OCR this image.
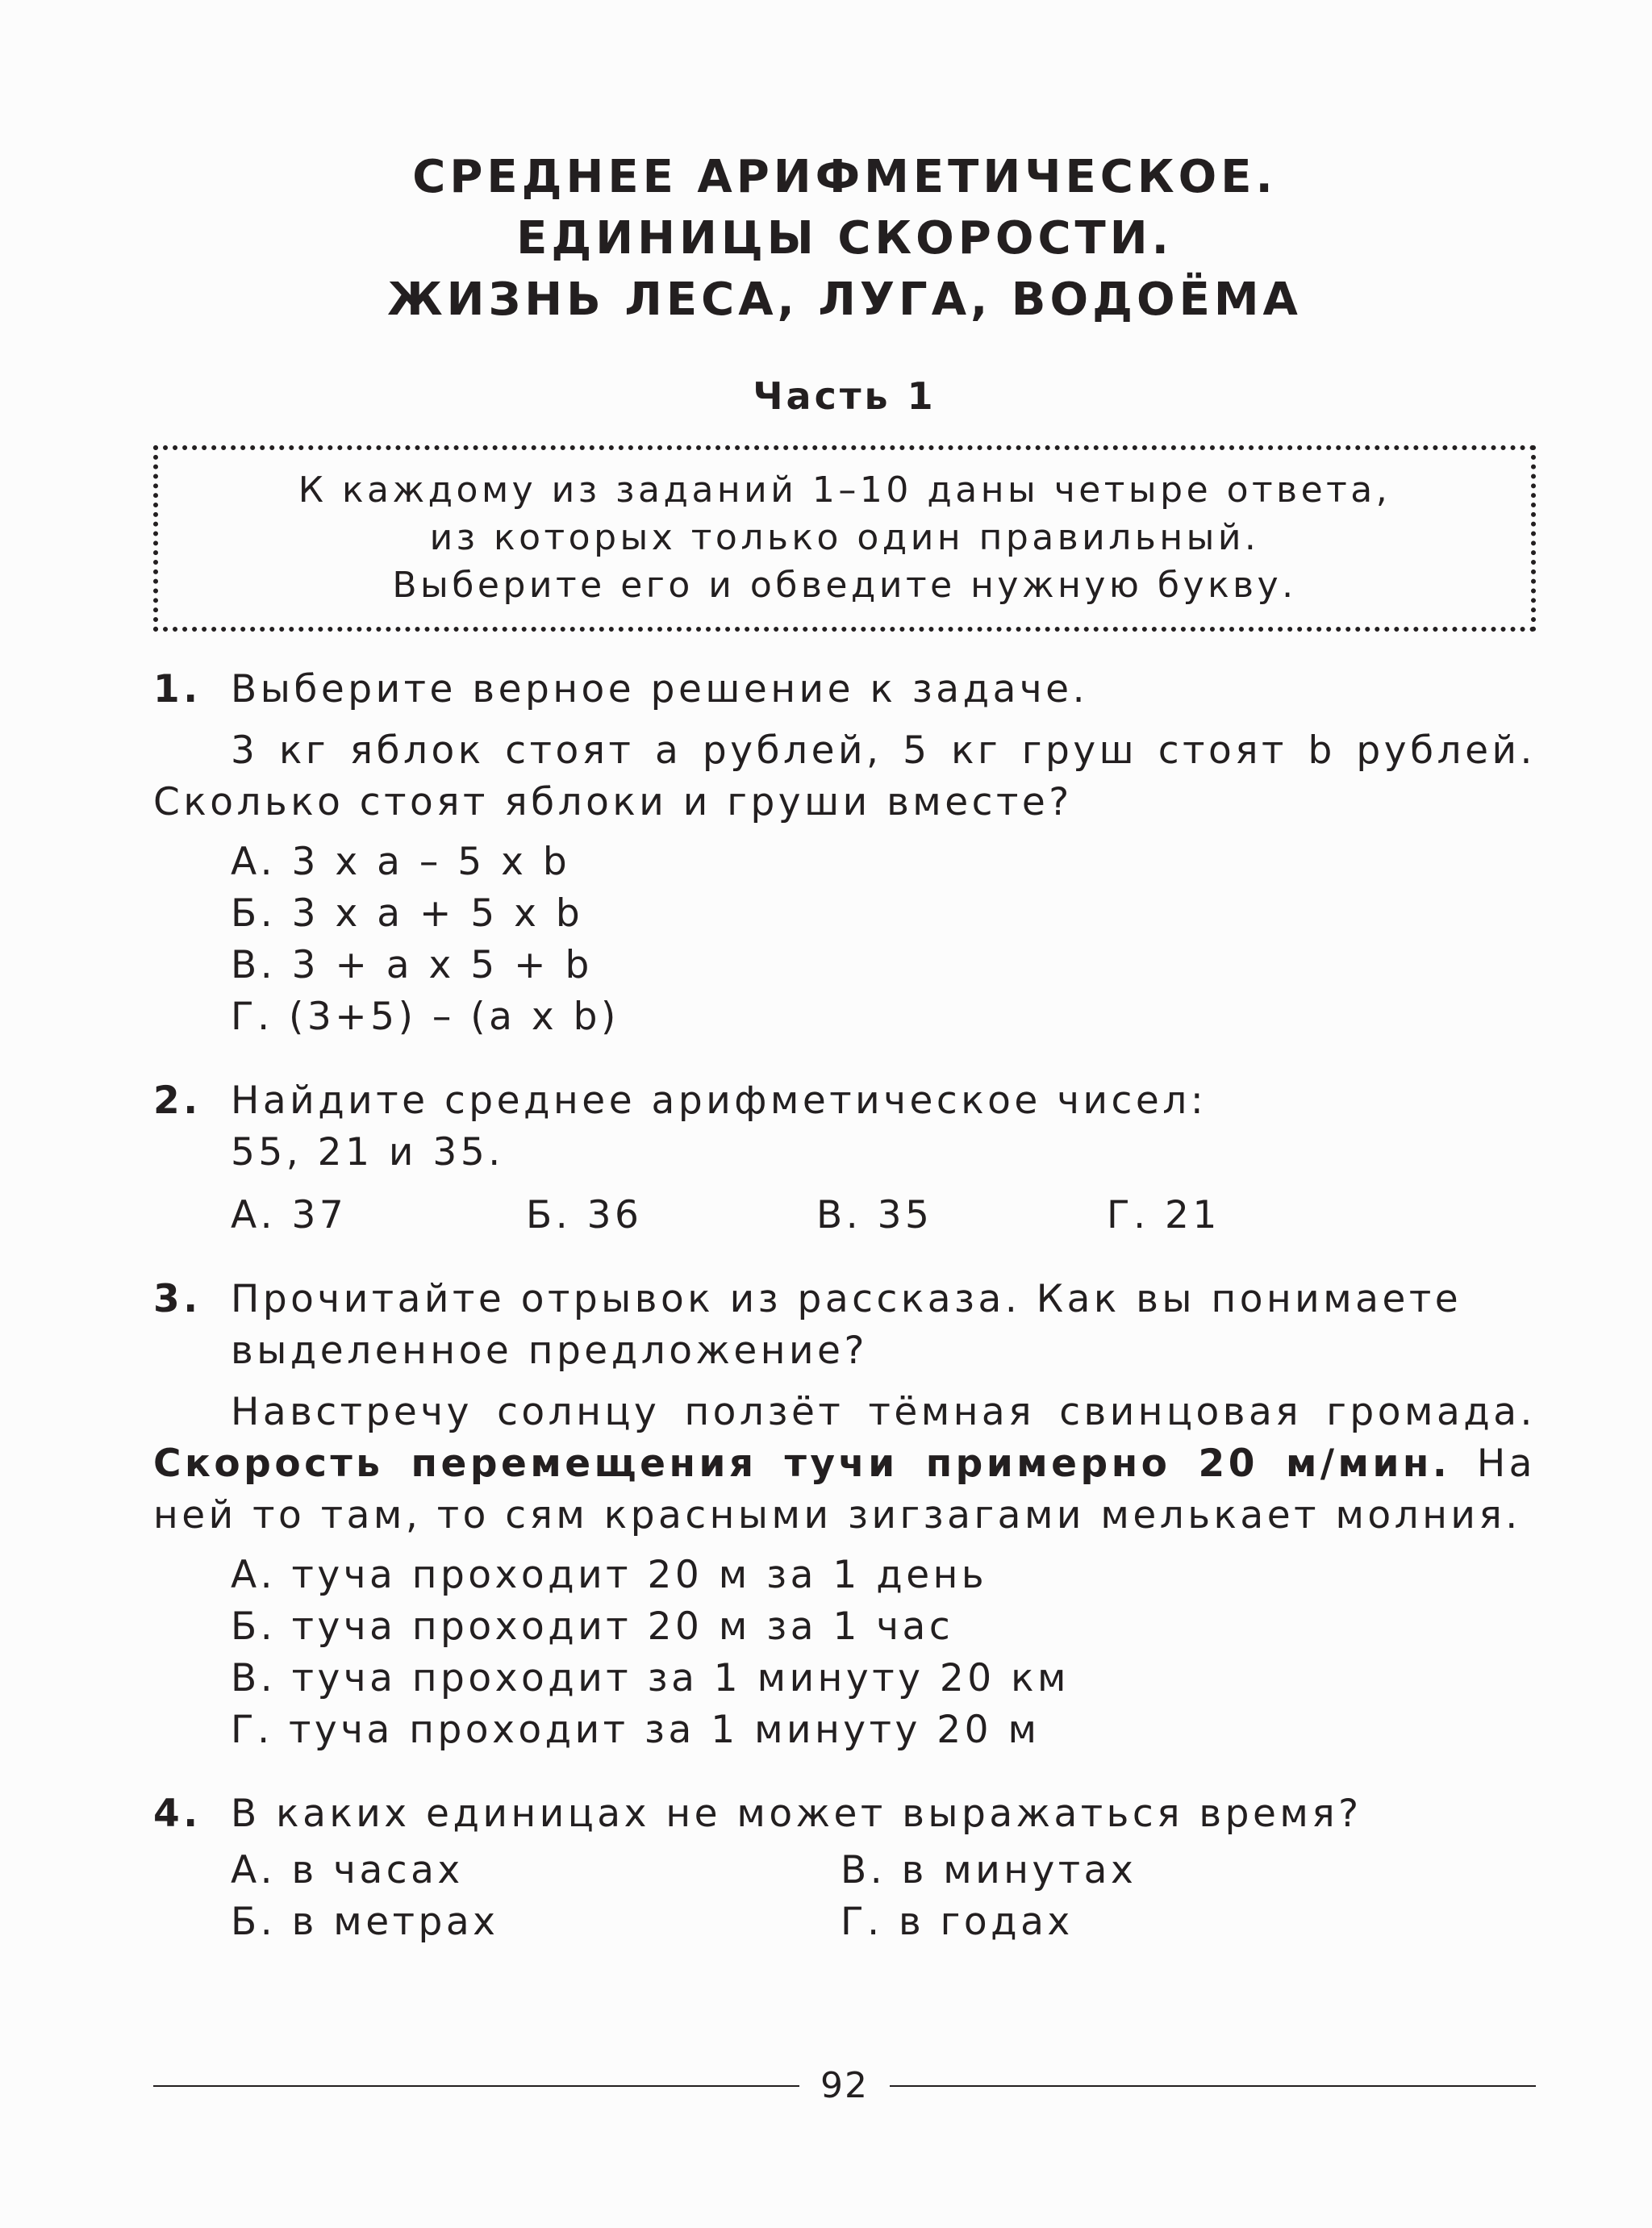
СРЕДНЕЕ АРИФМЕТИЧЕСКОЕ.
ЕДИНИЦЫ СКОРОСТИ.
ЖИЗНЬ ЛЕСА, ЛУГА, ВОДОЁМА
Часть 1
К каждому из заданий 1–10 даны четыре ответа,
из которых только один правильный.
Выберите его и обведите нужную букву.
1. Выберите верное решение к задаче.
3 кг яблок стоят a рублей, 5 кг груш стоят b рублей. Сколько стоят яблоки и груши вместе?
А. 3 х a – 5 х b
Б. 3 х a + 5 х b
В. 3 + a х 5 + b
Г. (3+5) – (a х b)
2. Найдите среднее арифметическое чисел:
55, 21 и 35.
А. 37	Б. 36	В. 35	Г. 21
3. Прочитайте отрывок из рассказа. Как вы понимаете выделенное предложение?
Навстречу солнцу ползёт тёмная свинцовая громада. Скорость перемещения тучи примерно 20 м/мин. На ней то там, то сям красными зигзагами мелькает молния.
А. туча проходит 20 м за 1 день
Б. туча проходит 20 м за 1 час
В. туча проходит за 1 минуту 20 км
Г. туча проходит за 1 минуту 20 м
4. В каких единицах не может выражаться время?
А. в часах	В. в минутах
Б. в метрах	Г. в годах
92
